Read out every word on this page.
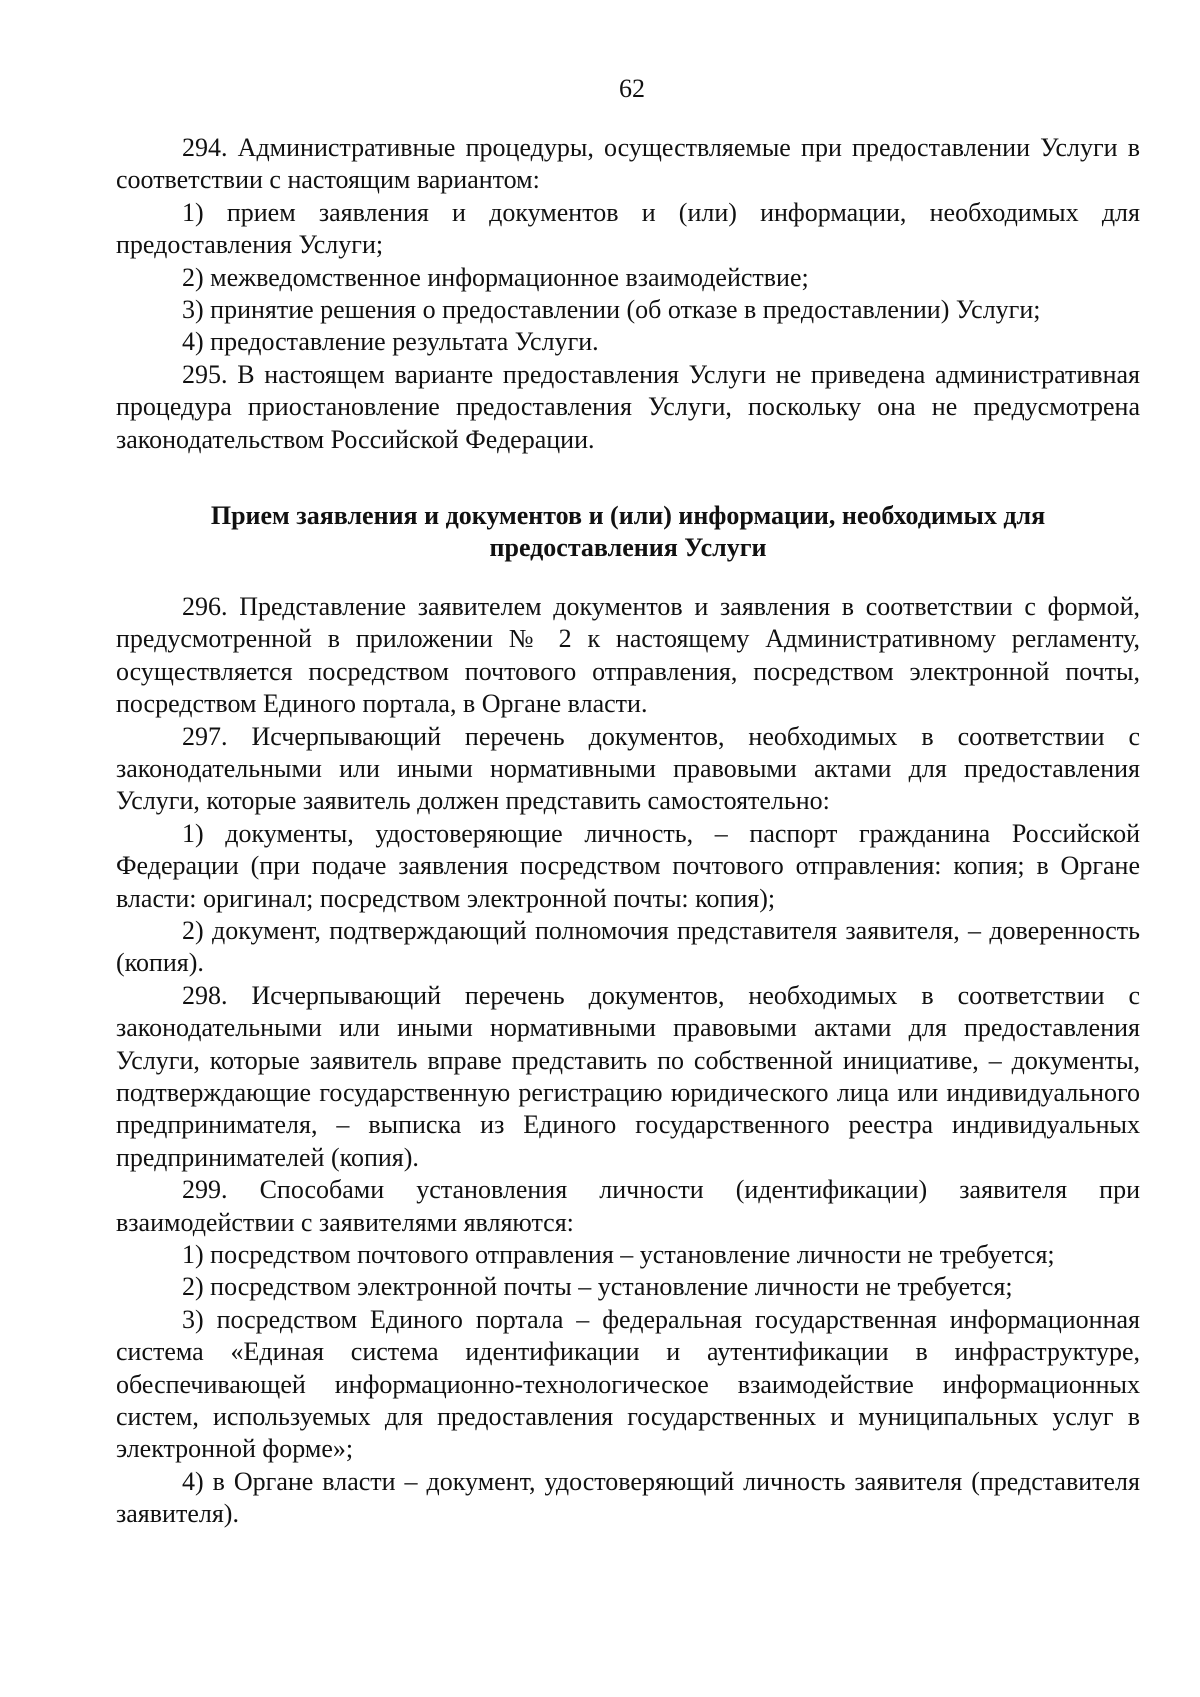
62

294. Административные процедуры, осуществляемые при предоставлении Услуги в соответствии с настоящим вариантом:

1) прием заявления и документов и (или) информации, необходимых для предоставления Услуги;

2) межведомственное информационное взаимодействие;

3) принятие решения о предоставлении (об отказе в предоставлении) Услуги;

4) предоставление результата Услуги.

295. В настоящем варианте предоставления Услуги не приведена административная процедура приостановление предоставления Услуги, поскольку она не предусмотрена законодательством Российской Федерации.

Прием заявления и документов и (или) информации, необходимых для
предоставления Услуги

296. Представление заявителем документов и заявления в соответствии с формой, предусмотренной в приложении № 2 к настоящему Административному регламенту, осуществляется посредством почтового отправления, посредством электронной почты, посредством Единого портала, в Органе власти.

297. Исчерпывающий перечень документов, необходимых в соответствии с законодательными или иными нормативными правовыми актами для предоставления Услуги, которые заявитель должен представить самостоятельно:

1) документы, удостоверяющие личность, – паспорт гражданина Российской Федерации (при подаче заявления посредством почтового отправления: копия; в Органе власти: оригинал; посредством электронной почты: копия);

2) документ, подтверждающий полномочия представителя заявителя, – доверенность (копия).

298. Исчерпывающий перечень документов, необходимых в соответствии с законодательными или иными нормативными правовыми актами для предоставления Услуги, которые заявитель вправе представить по собственной инициативе, – документы, подтверждающие государственную регистрацию юридического лица или индивидуального предпринимателя, – выписка из Единого государственного реестра индивидуальных предпринимателей (копия).

299. Способами установления личности (идентификации) заявителя при взаимодействии с заявителями являются:

1) посредством почтового отправления – установление личности не требуется;

2) посредством электронной почты – установление личности не требуется;

3) посредством Единого портала – федеральная государственная информационная система «Единая система идентификации и аутентификации в инфраструктуре, обеспечивающей информационно-технологическое взаимодействие информационных систем, используемых для предоставления государственных и муниципальных услуг в электронной форме»;

4) в Органе власти – документ, удостоверяющий личность заявителя (представителя заявителя).
